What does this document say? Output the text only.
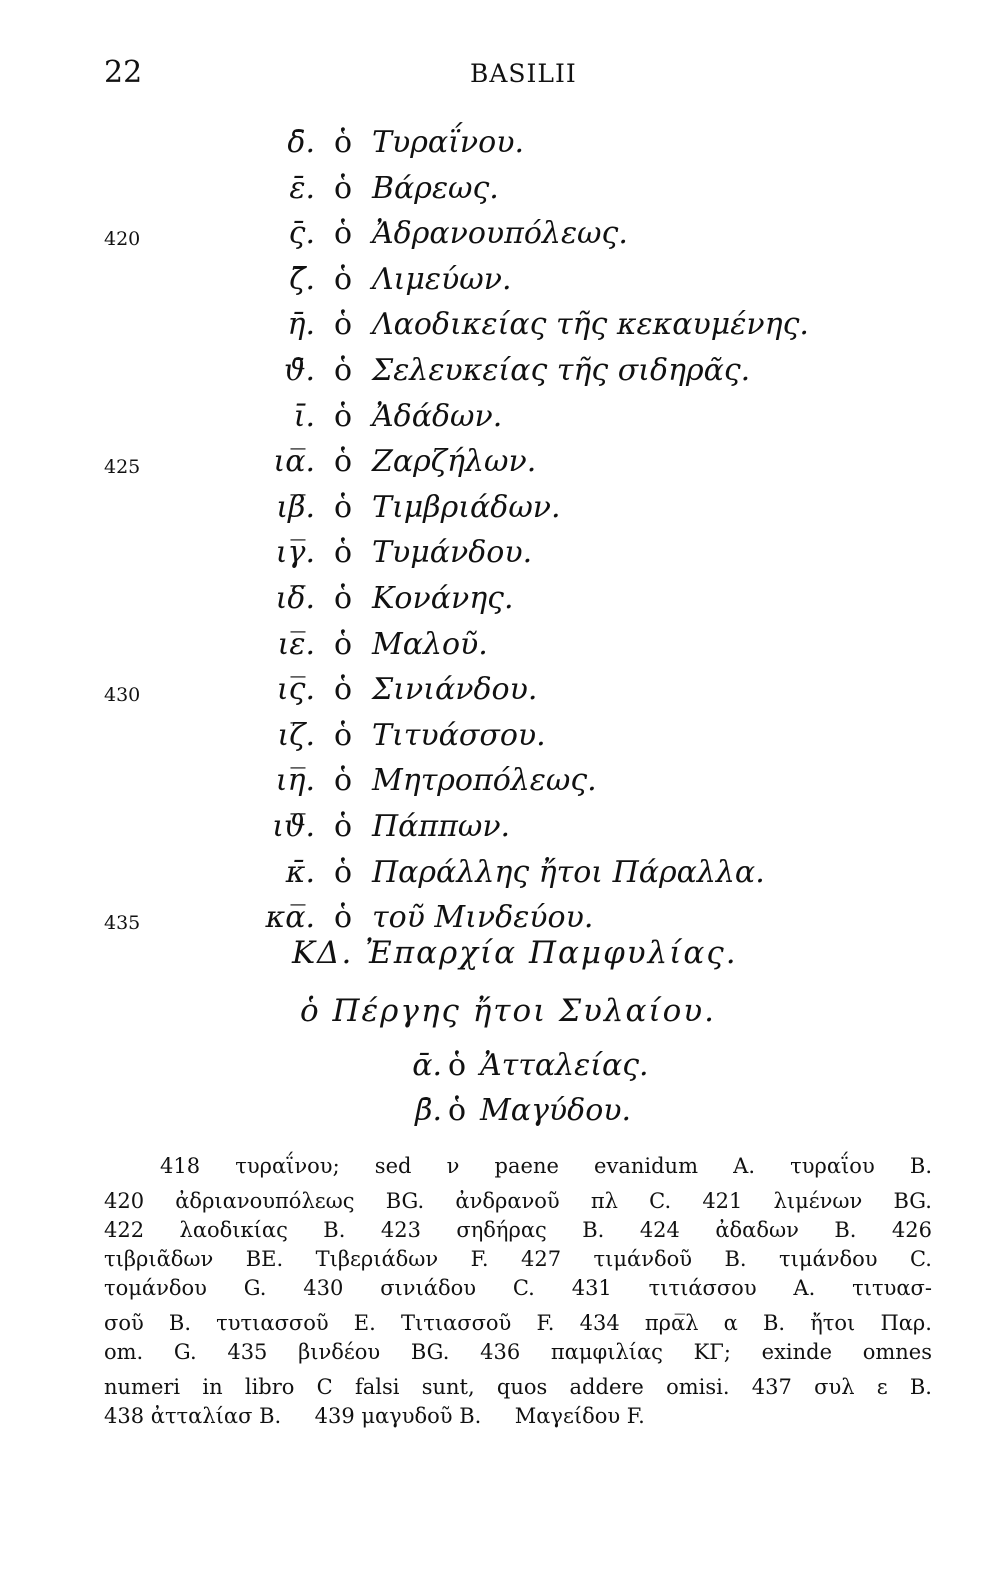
22	BASILII
δ̄. ὁ Τυραΐνου.
ε̄. ὁ Βάρεως.
420	ς̄. ὁ Ἀδρανουπόλεως.
ζ̄. ὁ Λιμεύων.
η̄. ὁ Λαοδικείας τῆς κεκαυμένης.
ϑ̄. ὁ Σελευκείας τῆς σιδηρᾶς.
ῑ. ὁ Ἀδάδων.
425	ια̅. ὁ Ζαρζήλων.
ιβ̅. ὁ Τιμβριάδων.
ιγ̅. ὁ Τυμάνδου.
ιδ̅. ὁ Κονάνης.
ιε̅. ὁ Μαλοῦ.
430	ις̅. ὁ Σινιάνδου.
ιζ̅. ὁ Τιτυάσσου.
ιη̅. ὁ Μητροπόλεως.
ιϑ̅. ὁ Πάππων.
κ̄. ὁ Παράλλης ἤτοι Πάραλλα.
435	κα̅. ὁ τοῦ Μινδεύου.
ΚΔ. Ἐπαρχία Παμφυλίας.
ὁ Πέργης ἤτοι Συλαίου.
ᾱ. ὁ Ἀτταλείας.
β̄. ὁ Μαγύδου.

418 τυραΐνου; sed ν paene evanidum A. τυραΐου B.

420 ἀδριανουπόλεως BG. ἀνδρανοῦ πλ C. 421 λιμένων BG.

422 λαοδικίας B. 423 σηδήρας B. 424 ἀδαδων B. 426

τιβριᾶδων BE. Τιβεριάδων F. 427 τιμάνδοῦ B. τιμάνδου C.

τομάνδου G. 430 σινιάδου C. 431 τιτιάσσου A. τιτυασ-

σοῦ B. τυτιασσοῦ E. Τιτιασσοῦ F. 434 πρα̅λ α B. ἤτοι Παρ.

om. G. 435 βινδέου BG. 436 παμφιλίας ΚΓ; exinde omnes

numeri in libro C falsi sunt, quos addere omisi. 437 συλ ε B.

438 ἀτταλίασ B. 439 μαγυδοῦ B. Μαγείδου F.
